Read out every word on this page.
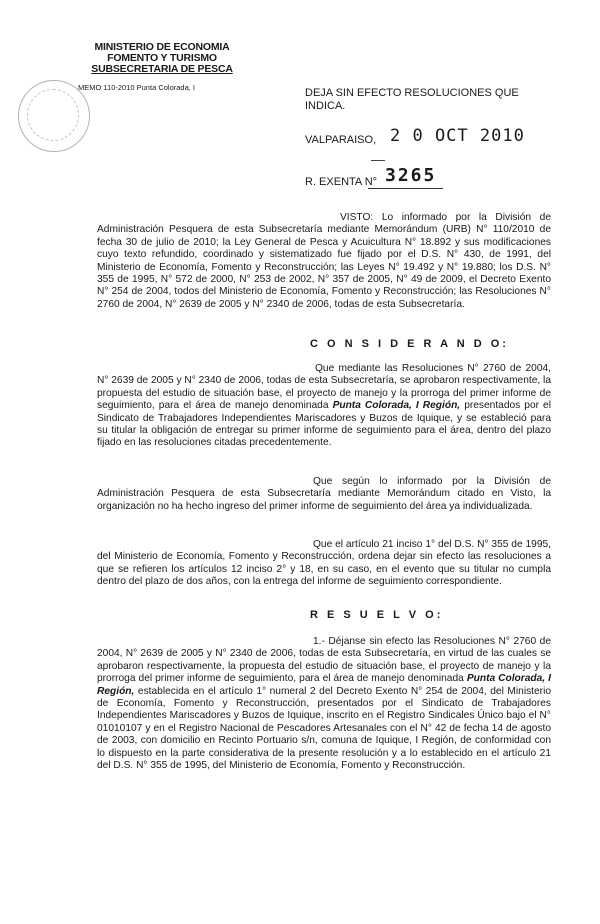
MINISTERIO DE ECONOMIA
FOMENTO Y TURISMO
SUBSECRETARIA DE PESCA
MEMO 110-2010 Punta Colorada, I	DEJA SIN EFECTO RESOLUCIONES QUE INDICA.
VALPARAISO, 2 0 OCT 2010
R. EXENTA N° 3265

VISTO: Lo informado por la División de Administración Pesquera de esta Subsecretaría mediante Memorándum (URB) N° 110/2010 de fecha 30 de julio de 2010; la Ley General de Pesca y Acuicultura N° 18.892 y sus modificaciones cuyo texto refundido, coordinado y sistematizado fue fijado por el D.S. N° 430, de 1991, del Ministerio de Economía, Fomento y Reconstrucción; las Leyes N° 19.492 y N° 19.880; los D.S. N° 355 de 1995, N° 572 de 2000, N° 253 de 2002, N° 357 de 2005, N° 49 de 2009, el Decreto Exento N° 254 de 2004, todos del Ministerio de Economía, Fomento y Reconstrucción; las Resoluciones N° 2760 de 2004, N° 2639 de 2005 y N° 2340 de 2006, todas de esta Subsecretaría.

C O N S I D E R A N D O:

Que mediante las Resoluciones N° 2760 de 2004, N° 2639 de 2005 y N° 2340 de 2006, todas de esta Subsecretaría, se aprobaron respectivamente, la propuesta del estudio de situación base, el proyecto de manejo y la prorroga del primer informe de seguimiento, para el área de manejo denominada Punta Colorada, I Región, presentados por el Sindicato de Trabajadores Independientes Mariscadores y Buzos de Iquique, y se estableció para su titular la obligación de entregar su primer informe de seguimiento para el área, dentro del plazo fijado en las resoluciones citadas precedentemente.

Que según lo informado por la División de Administración Pesquera de esta Subsecretaría mediante Memorándum citado en Visto, la organización no ha hecho ingreso del primer informe de seguimiento del área ya individualizada.

Que el artículo 21 inciso 1° del D.S. N° 355 de 1995, del Ministerio de Economía, Fomento y Reconstrucción, ordena dejar sin efecto las resoluciones a que se refieren los artículos 12 inciso 2° y 18, en su caso, en el evento que su titular no cumpla dentro del plazo de dos años, con la entrega del informe de seguimiento correspondiente.

R E S U E L V O:

1.- Déjanse sin efecto las Resoluciones N° 2760 de 2004, N° 2639 de 2005 y N° 2340 de 2006, todas de esta Subsecretaría, en virtud de las cuales se aprobaron respectivamente, la propuesta del estudio de situación base, el proyecto de manejo y la prorroga del primer informe de seguimiento, para el área de manejo denominada Punta Colorada, I Región, establecida en el artículo 1° numeral 2 del Decreto Exento N° 254 de 2004, del Ministerio de Economía, Fomento y Reconstrucción, presentados por el Sindicato de Trabajadores Independientes Mariscadores y Buzos de Iquique, inscrito en el Registro Sindicales Único bajo el N° 01010107 y en el Registro Nacional de Pescadores Artesanales con el N° 42 de fecha 14 de agosto de 2003, con domicilio en Recinto Portuario s/n, comuna de Iquique, I Región, de conformidad con lo dispuesto en la parte considerativa de la presente resolución y a lo establecido en el artículo 21 del D.S. N° 355 de 1995, del Ministerio de Economía, Fomento y Reconstrucción.
